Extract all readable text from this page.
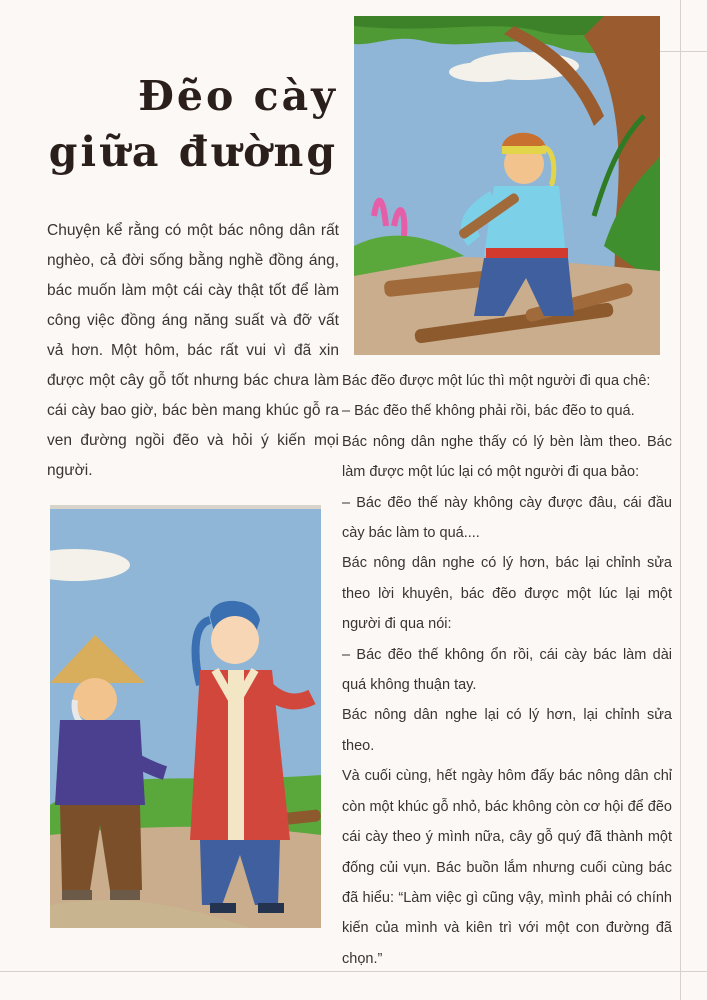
Đẽo cày
giữa đường

Chuyện kể rằng có một bác nông dân rất nghèo, cả đời sống bằng nghề đồng áng, bác muốn làm một cái cày thật tốt để làm công việc đồng áng năng suất và đỡ vất vả hơn. Một hôm, bác rất vui vì đã xin được một cây gỗ tốt nhưng bác chưa làm cái cày bao giờ, bác bèn mang khúc gỗ ra ven đường ngồi đẽo và hỏi ý kiến mọi người.

Bác đẽo được một lúc thì một người đi qua chê:

– Bác đẽo thế không phải rồi, bác đẽo to quá.

Bác nông dân nghe thấy có lý bèn làm theo. Bác làm được một lúc lại có một người đi qua bảo:

– Bác đẽo thế này không cày được đâu, cái đầu cày bác làm to quá....

Bác nông dân nghe có lý hơn, bác lại chỉnh sửa theo lời khuyên, bác đẽo được một lúc lại một người đi qua nói:

– Bác đẽo thế không ổn rồi, cái cày bác làm dài quá không thuận tay.

Bác nông dân nghe lại có lý hơn, lại chỉnh sửa theo.

Và cuối cùng, hết ngày hôm đấy bác nông dân chỉ còn một khúc gỗ nhỏ, bác không còn cơ hội để đẽo cái cày theo ý mình nữa, cây gỗ quý đã thành một đống củi vụn. Bác buồn lắm nhưng cuối cùng bác đã hiểu: “Làm việc gì cũng vậy, mình phải có chính kiến của mình và kiên trì với một con đường đã chọn.”
